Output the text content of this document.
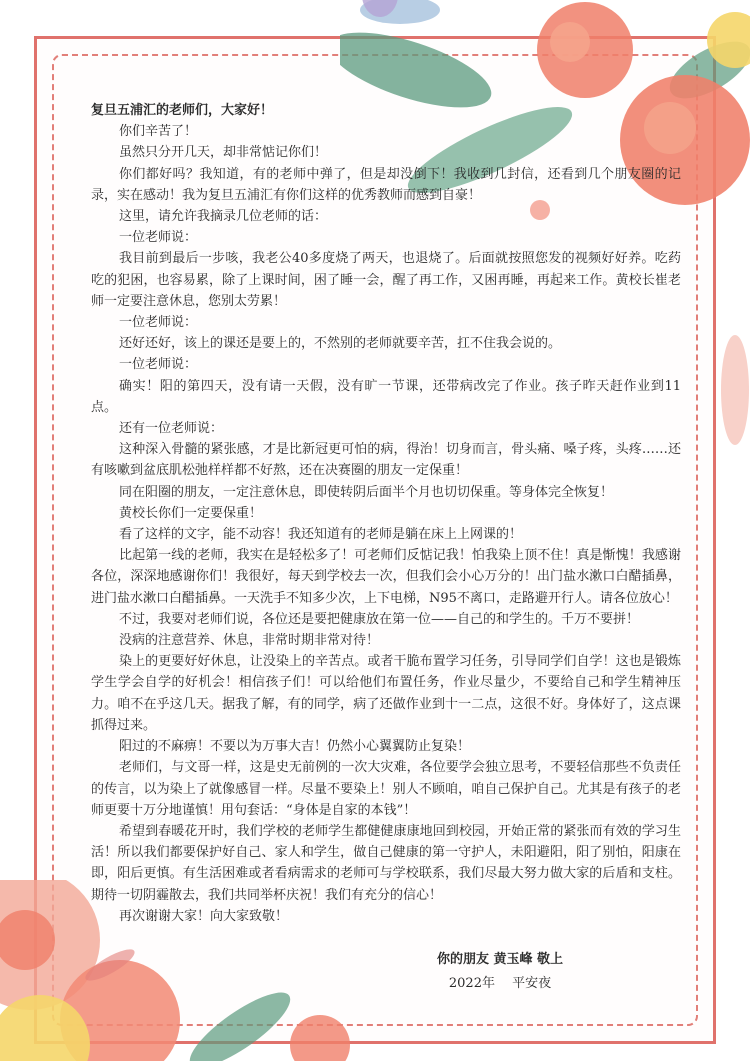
复旦五浦汇的老师们，大家好！

你们辛苦了！

虽然只分开几天，却非常惦记你们！

你们都好吗？我知道，有的老师中弹了，但是却没倒下！我收到几封信，还看到几个朋友圈的记录，实在感动！我为复旦五浦汇有你们这样的优秀教师而感到自豪！

这里，请允许我摘录几位老师的话：

一位老师说：

我目前到最后一步咳，我老公40多度烧了两天，也退烧了。后面就按照您发的视频好好养。吃药吃的犯困，也容易累，除了上课时间，困了睡一会，醒了再工作，又困再睡，再起来工作。黄校长崔老师一定要注意休息，您别太劳累！

一位老师说：

还好还好，该上的课还是要上的，不然别的老师就要辛苦，扛不住我会说的。

一位老师说：

确实！阳的第四天，没有请一天假，没有旷一节课，还带病改完了作业。孩子昨天赶作业到11点。

还有一位老师说：

这种深入骨髓的紧张感，才是比新冠更可怕的病，得治！切身而言，骨头痛、嗓子疼，头疼……还有咳嗽到盆底肌松弛样样都不好熬，还在决赛圈的朋友一定保重！

同在阳圈的朋友，一定注意休息，即使转阴后面半个月也切切保重。等身体完全恢复！

黄校长你们一定要保重！

看了这样的文字，能不动容！我还知道有的老师是躺在床上上网课的！

比起第一线的老师，我实在是轻松多了！可老师们反惦记我！怕我染上顶不住！真是惭愧！我感谢各位，深深地感谢你们！我很好，每天到学校去一次，但我们会小心万分的！出门盐水漱口白醋插鼻，进门盐水漱口白醋插鼻。一天洗手不知多少次，上下电梯，N95不离口，走路避开行人。请各位放心！

不过，我要对老师们说，各位还是要把健康放在第一位——自己的和学生的。千万不要拼！

没病的注意营养、休息，非常时期非常对待！

染上的更要好好休息，让没染上的辛苦点。或者干脆布置学习任务，引导同学们自学！这也是锻炼学生学会自学的好机会！相信孩子们！可以给他们布置任务，作业尽量少，不要给自己和学生精神压力。咱不在乎这几天。据我了解，有的同学，病了还做作业到十一二点，这很不好。身体好了，这点课抓得过来。

阳过的不麻痹！不要以为万事大吉！仍然小心翼翼防止复染！

老师们，与文哥一样，这是史无前例的一次大灾难，各位要学会独立思考，不要轻信那些不负责任的传言，以为染上了就像感冒一样。尽量不要染上！别人不顾咱，咱自己保护自己。尤其是有孩子的老师更要十万分地谨慎！用句套话：“身体是自家的本钱”！

希望到春暖花开时，我们学校的老师学生都健健康康地回到校园，开始正常的紧张而有效的学习生活！所以我们都要保护好自己、家人和学生，做自己健康的第一守护人，未阳避阳，阳了别怕，阳康在即，阳后更慎。有生活困难或者看病需求的老师可与学校联系，我们尽最大努力做大家的后盾和支柱。期待一切阴霾散去，我们共同举杯庆祝！我们有充分的信心！

再次谢谢大家！向大家致敬！

你的朋友 黄玉峰 敬上
2022年　 平安夜
